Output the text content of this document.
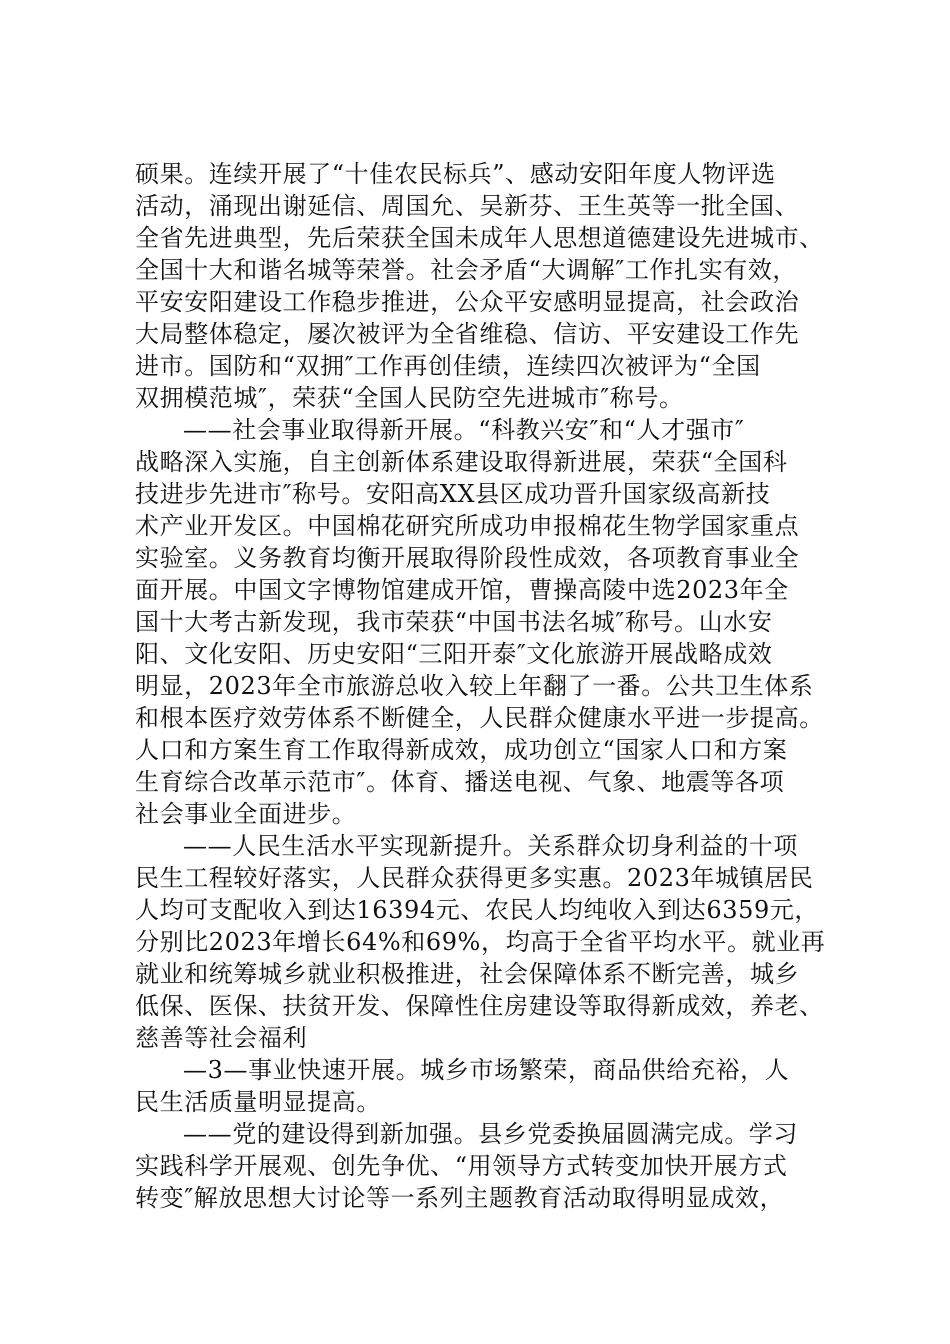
硕果。连续开展了“十佳农民标兵”、感动安阳年度人物评选
活动，涌现出谢延信、周国允、吴新芬、王生英等一批全国、
全省先进典型，先后荣获全国未成年人思想道德建设先进城市、
全国十大和谐名城等荣誉。社会矛盾“大调解″工作扎实有效，
平安安阳建设工作稳步推进，公众平安感明显提高，社会政治
大局整体稳定，屡次被评为全省维稳、信访、平安建设工作先
进市。国防和“双拥″工作再创佳绩，连续四次被评为“全国
双拥模范城″，荣获“全国人民防空先进城市″称号。
——社会事业取得新开展。“科教兴安″和“人才强市″
战略深入实施，自主创新体系建设取得新进展，荣获“全国科
技进步先进市″称号。安阳高XX县区成功晋升国家级高新技
术产业开发区。中国棉花研究所成功申报棉花生物学国家重点
实验室。义务教育均衡开展取得阶段性成效，各项教育事业全
面开展。中国文字博物馆建成开馆，曹操高陵中选2023年全
国十大考古新发现，我市荣获“中国书法名城″称号。山水安
阳、文化安阳、历史安阳“三阳开泰″文化旅游开展战略成效
明显，2023年全市旅游总收入较上年翻了一番。公共卫生体系
和根本医疗效劳体系不断健全，人民群众健康水平进一步提高。
人口和方案生育工作取得新成效，成功创立“国家人口和方案
生育综合改革示范市″。体育、播送电视、气象、地震等各项
社会事业全面进步。
——人民生活水平实现新提升。关系群众切身利益的十项
民生工程较好落实，人民群众获得更多实惠。2023年城镇居民
人均可支配收入到达16394元、农民人均纯收入到达6359元，
分别比2023年增长64%和69%，均高于全省平均水平。就业再
就业和统筹城乡就业积极推进，社会保障体系不断完善，城乡
低保、医保、扶贫开发、保障性住房建设等取得新成效，养老、
慈善等社会福利
—3—事业快速开展。城乡市场繁荣，商品供给充裕，人
民生活质量明显提高。
——党的建设得到新加强。县乡党委换届圆满完成。学习
实践科学开展观、创先争优、“用领导方式转变加快开展方式
转变″解放思想大讨论等一系列主题教育活动取得明显成效，
